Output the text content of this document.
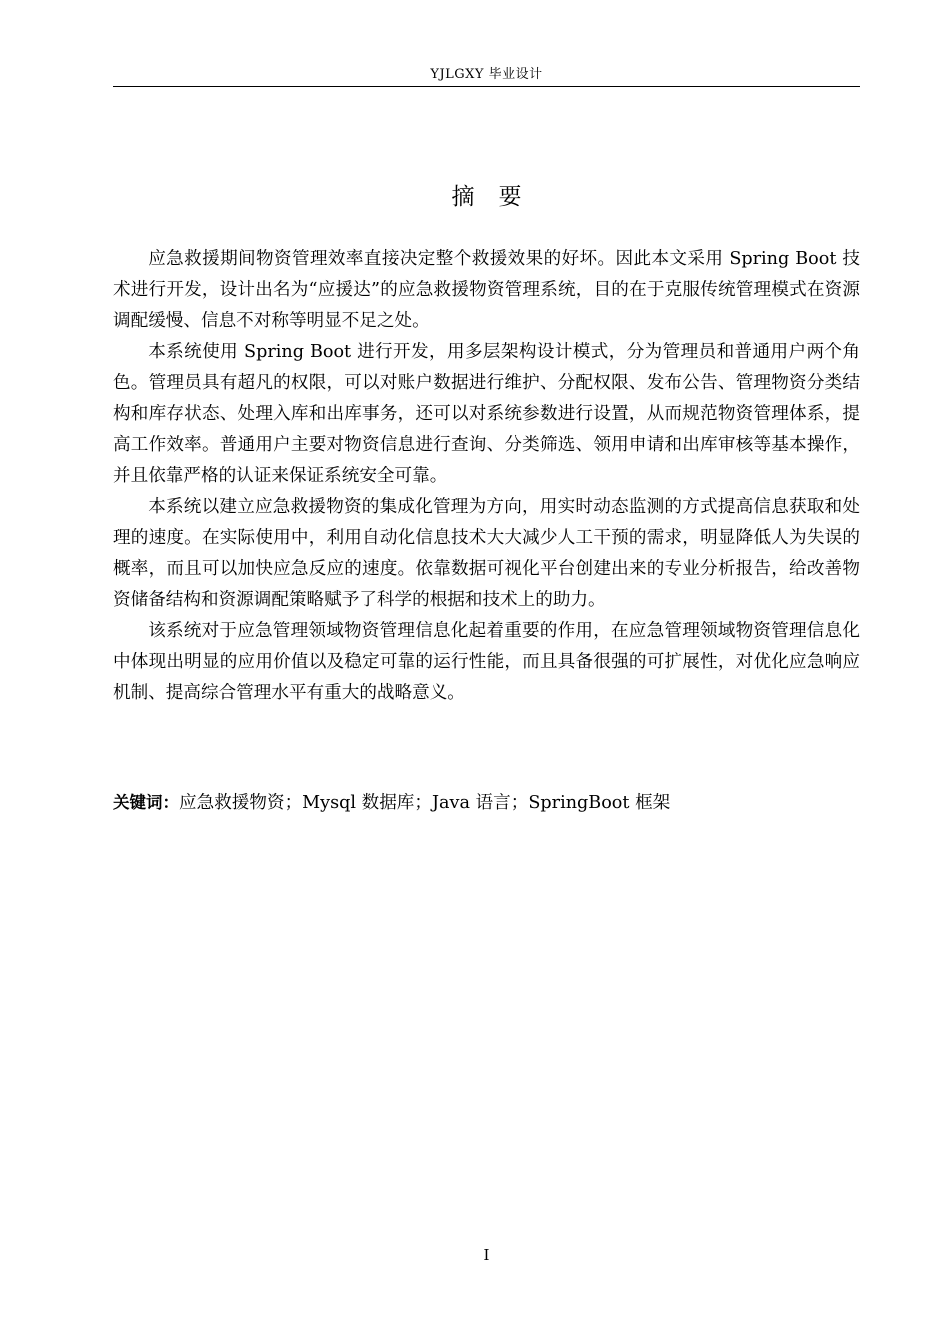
YJLGXY 毕业设计
摘要

应急救援期间物资管理效率直接决定整个救援效果的好坏。因此本文采用 Spring Boot 技术进行开发，设计出名为“应援达”的应急救援物资管理系统，目的在于克服传统管理模式在资源调配缓慢、信息不对称等明显不足之处。

本系统使用 Spring Boot 进行开发，用多层架构设计模式，分为管理员和普通用户两个角色。管理员具有超凡的权限，可以对账户数据进行维护、分配权限、发布公告、管理物资分类结构和库存状态、处理入库和出库事务，还可以对系统参数进行设置，从而规范物资管理体系，提高工作效率。普通用户主要对物资信息进行查询、分类筛选、领用申请和出库审核等基本操作，并且依靠严格的认证来保证系统安全可靠。

本系统以建立应急救援物资的集成化管理为方向，用实时动态监测的方式提高信息获取和处理的速度。在实际使用中，利用自动化信息技术大大减少人工干预的需求，明显降低人为失误的概率，而且可以加快应急反应的速度。依靠数据可视化平台创建出来的专业分析报告，给改善物资储备结构和资源调配策略赋予了科学的根据和技术上的助力。

该系统对于应急管理领域物资管理信息化起着重要的作用，在应急管理领域物资管理信息化中体现出明显的应用价值以及稳定可靠的运行性能，而且具备很强的可扩展性，对优化应急响应机制、提高综合管理水平有重大的战略意义。

关键词：应急救援物资；Mysql 数据库；Java 语言；SpringBoot 框架
I
